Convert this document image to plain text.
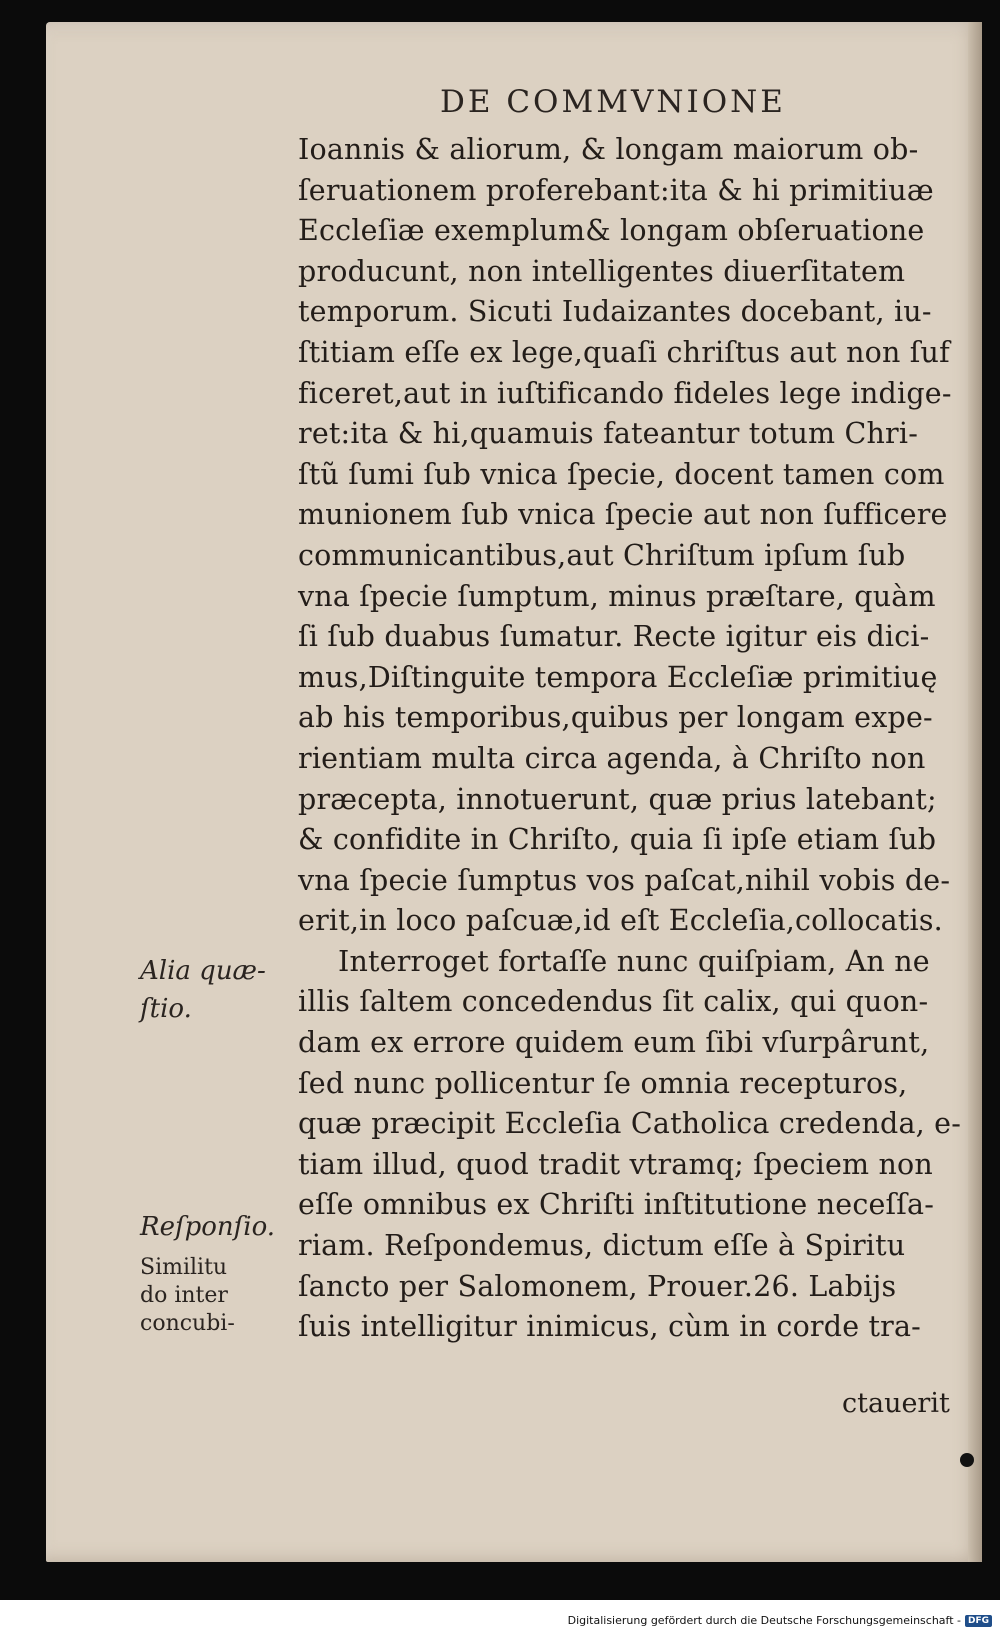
DE COMMVNIONE
Ioannis & aliorum, & longam maiorum ob-
ſeruationem proferebant:ita & hi primitiuæ
Eccleſiæ exemplum& longam obſeruatione
producunt, non intelligentes diuerſitatem
temporum. Sicuti Iudaizantes docebant, iu-
ſtitiam eſſe ex lege,quaſi chriſtus aut non ſuf
ficeret,aut in iuſtificando fideles lege indige-
ret:ita & hi,quamuis fateantur totum Chri-
ſtũ ſumi ſub vnica ſpecie, docent tamen com
munionem ſub vnica ſpecie aut non ſufficere
communicantibus,aut Chriſtum ipſum ſub
vna ſpecie ſumptum, minus præſtare, quàm
ſi ſub duabus ſumatur. Recte igitur eis dici-
mus,Diſtinguite tempora Eccleſiæ primitiuę
ab his temporibus,quibus per longam expe-
rientiam multa circa agenda, à Chriſto non
præcepta, innotuerunt, quæ prius latebant;
& confidite in Chriſto, quia ſi ipſe etiam ſub
vna ſpecie ſumptus vos paſcat,nihil vobis de-
erit,in loco paſcuæ,id eſt Eccleſia,collocatis.
Interroget fortaſſe nunc quiſpiam, An ne
illis ſaltem concedendus ſit calix, qui quon-
dam ex errore quidem eum ſibi vſurpârunt,
ſed nunc pollicentur ſe omnia recepturos,
quæ præcipit Eccleſia Catholica credenda, e-
tiam illud, quod tradit vtramq; ſpeciem non
eſſe omnibus ex Chriſti inſtitutione neceſſa-
riam. Reſpondemus, dictum eſſe à Spiritu
ſancto per Salomonem, Prouer.26. Labijs
ſuis intelligitur inimicus, cùm in corde tra-
ctauerit
Alia quæ-
ſtio.
Reſponſio.
Similitu
do inter
concubi-
Digitalisierung gefördert durch die Deutsche Forschungsgemeinschaft - DFG
